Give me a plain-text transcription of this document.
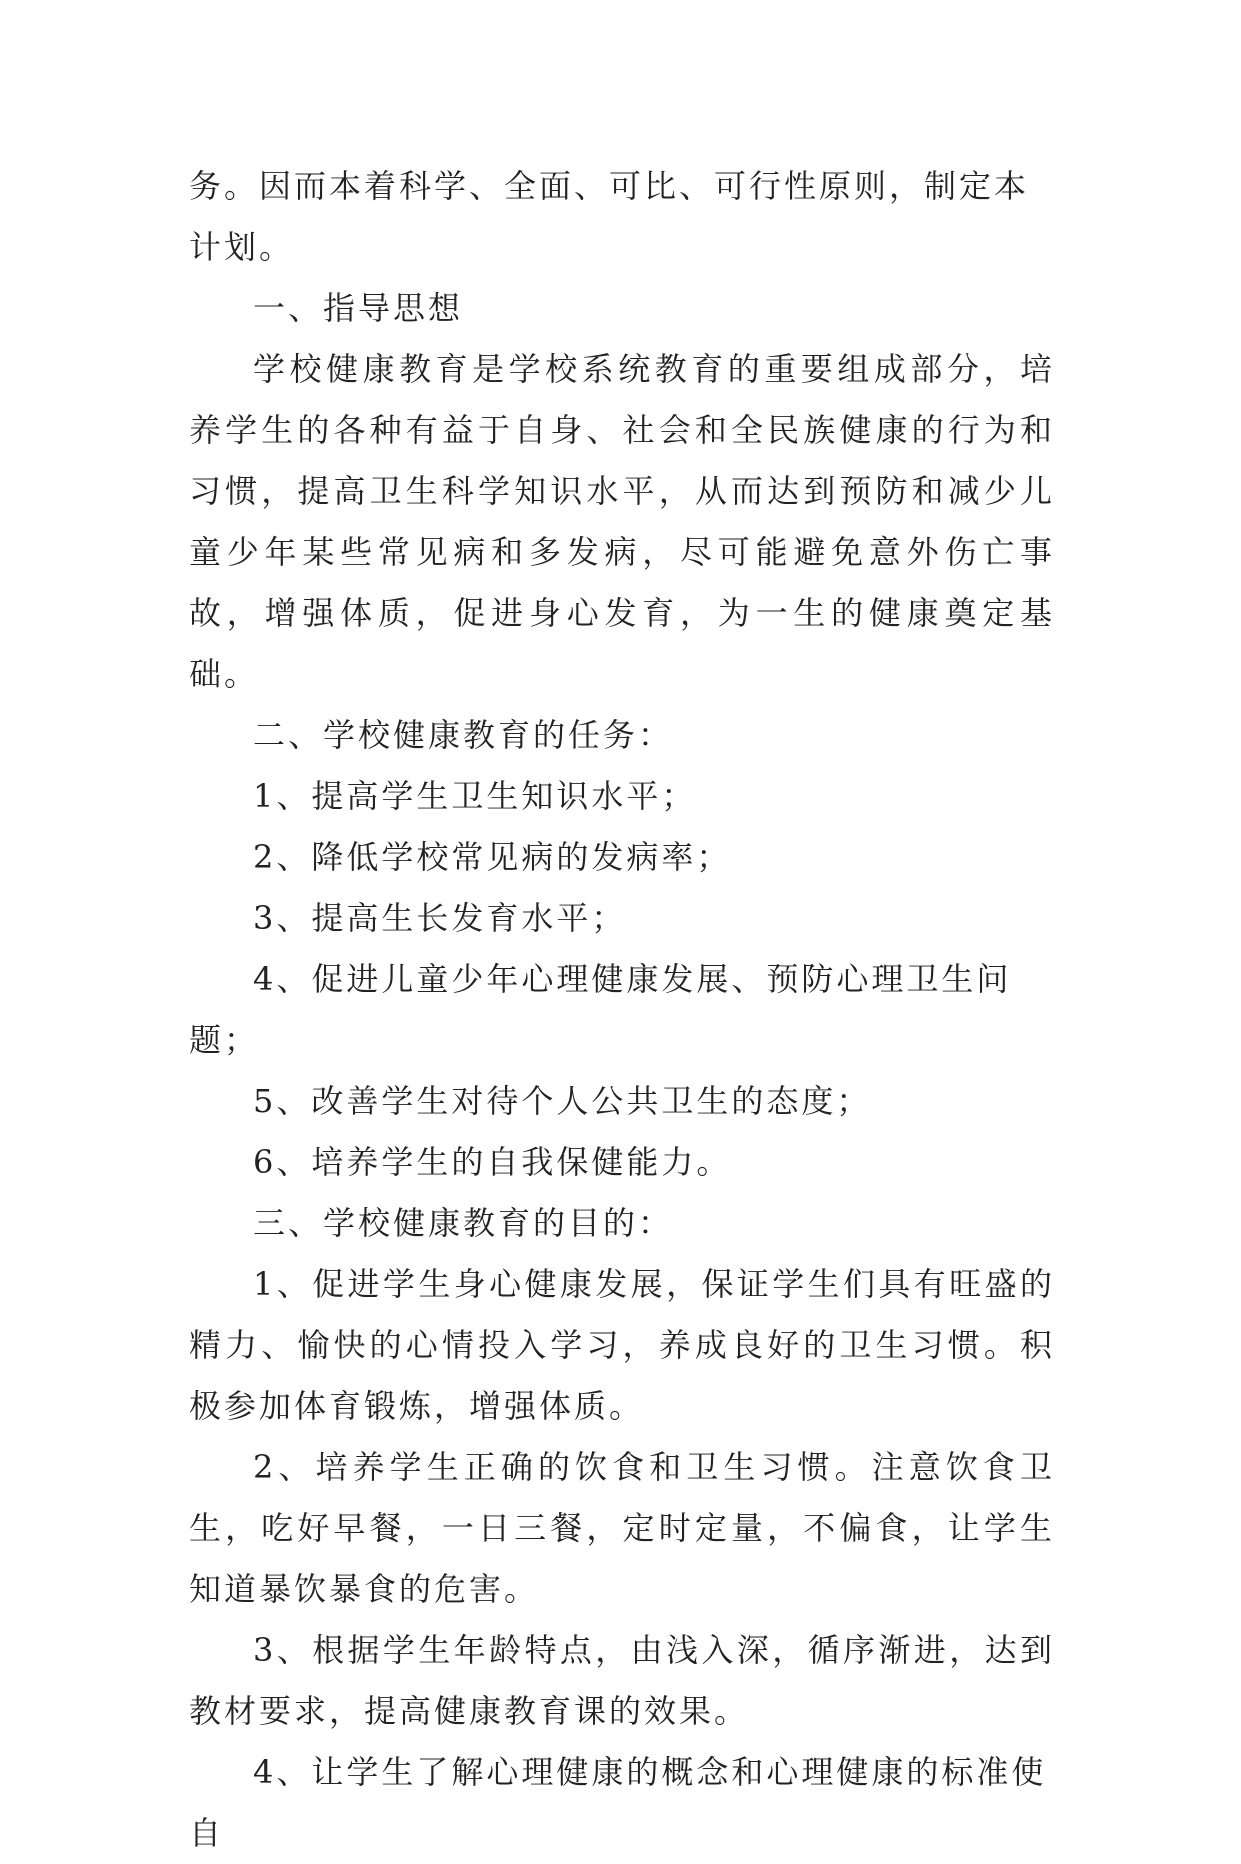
务。因而本着科学、全面、可比、可行性原则，制定本计划。

一、指导思想

学校健康教育是学校系统教育的重要组成部分，培养学生的各种有益于自身、社会和全民族健康的行为和习惯，提高卫生科学知识水平，从而达到预防和减少儿童少年某些常见病和多发病，尽可能避免意外伤亡事故，增强体质，促进身心发育，为一生的健康奠定基础。

二、学校健康教育的任务：

1、提高学生卫生知识水平；

2、降低学校常见病的发病率；

3、提高生长发育水平；

4、促进儿童少年心理健康发展、预防心理卫生问题；

5、改善学生对待个人公共卫生的态度；

6、培养学生的自我保健能力。

三、学校健康教育的目的：

1、促进学生身心健康发展，保证学生们具有旺盛的精力、愉快的心情投入学习，养成良好的卫生习惯。积极参加体育锻炼，增强体质。

2、培养学生正确的饮食和卫生习惯。注意饮食卫生，吃好早餐，一日三餐，定时定量，不偏食，让学生知道暴饮暴食的危害。

3、根据学生年龄特点，由浅入深，循序渐进，达到教材要求，提高健康教育课的效果。

4、让学生了解心理健康的概念和心理健康的标准使自
